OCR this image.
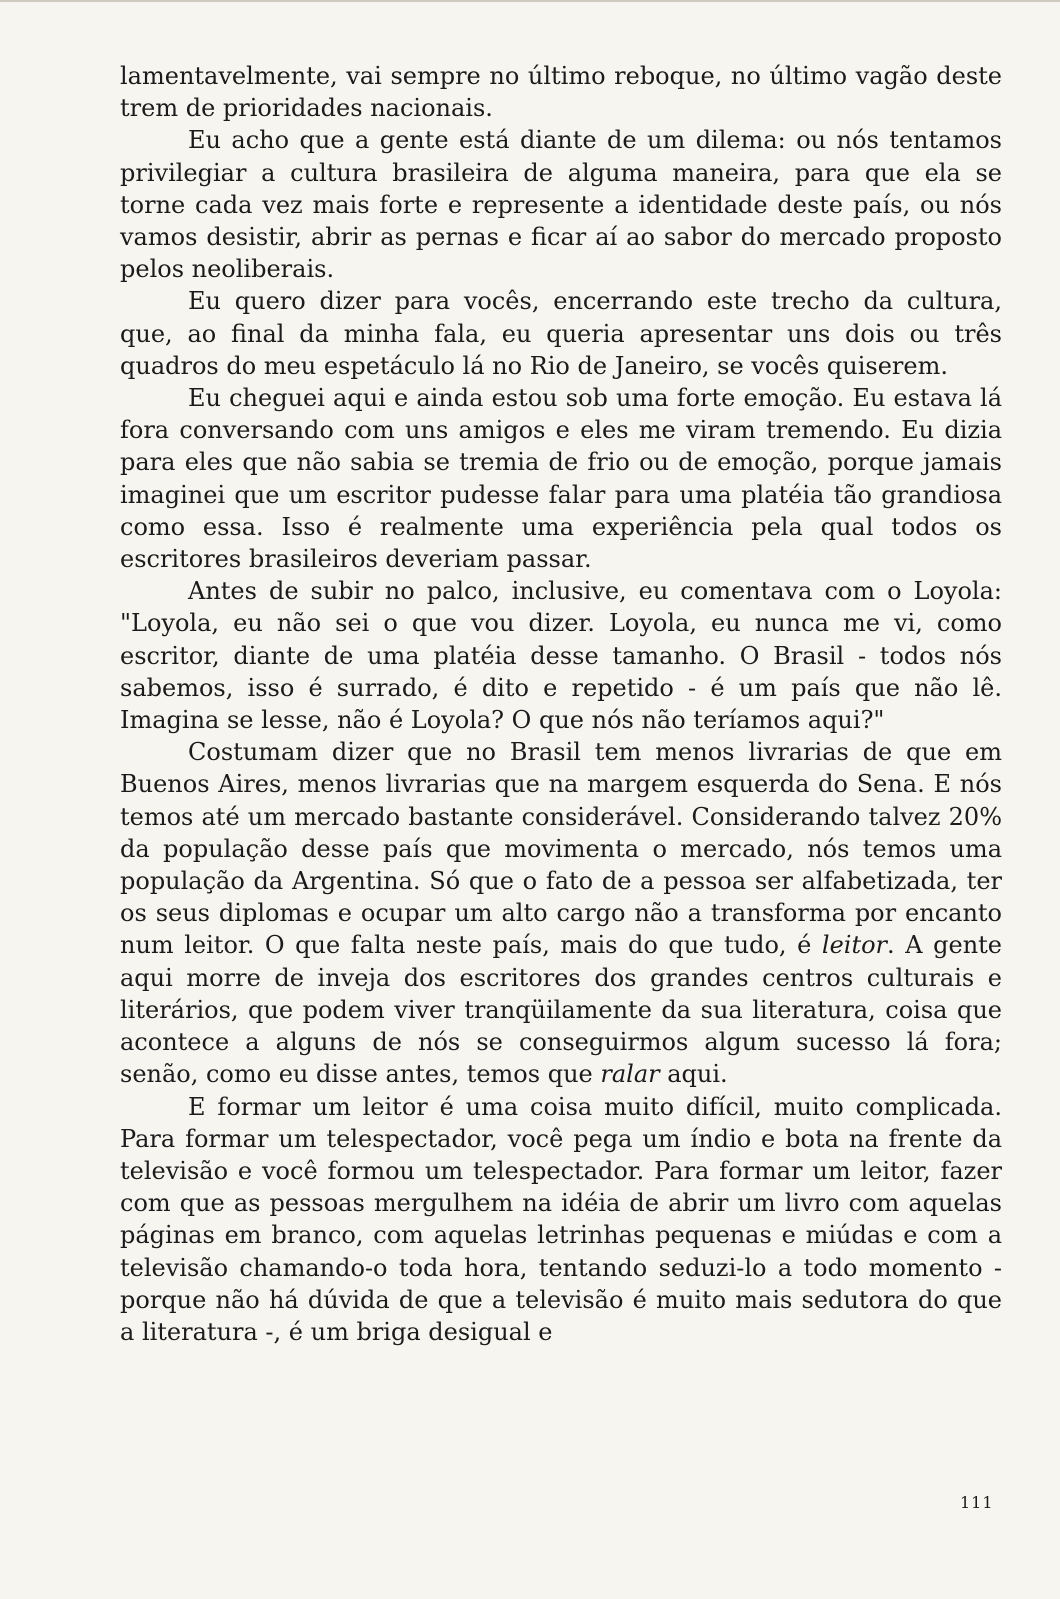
lamentavelmente, vai sempre no último reboque, no último vagão deste trem de prioridades nacionais.

Eu acho que a gente está diante de um dilema: ou nós tentamos privilegiar a cultura brasileira de alguma maneira, para que ela se torne cada vez mais forte e represente a identidade deste país, ou nós vamos desistir, abrir as pernas e ficar aí ao sabor do mercado proposto pelos neoliberais.

Eu quero dizer para vocês, encerrando este trecho da cultura, que, ao final da minha fala, eu queria apresentar uns dois ou três quadros do meu espetáculo lá no Rio de Janeiro, se vocês quiserem.

Eu cheguei aqui e ainda estou sob uma forte emoção. Eu estava lá fora conversando com uns amigos e eles me viram tremendo. Eu dizia para eles que não sabia se tremia de frio ou de emoção, porque jamais imaginei que um escritor pudesse falar para uma platéia tão grandiosa como essa. Isso é realmente uma experiência pela qual todos os escritores brasileiros deveriam passar.

Antes de subir no palco, inclusive, eu comentava com o Loyola: "Loyola, eu não sei o que vou dizer. Loyola, eu nunca me vi, como escritor, diante de uma platéia desse tamanho. O Brasil - todos nós sabemos, isso é surrado, é dito e repetido - é um país que não lê. Imagina se lesse, não é Loyola? O que nós não teríamos aqui?"

Costumam dizer que no Brasil tem menos livrarias de que em Buenos Aires, menos livrarias que na margem esquerda do Sena. E nós temos até um mercado bastante considerável. Considerando talvez 20% da população desse país que movimenta o mercado, nós temos uma população da Argentina. Só que o fato de a pessoa ser alfabetizada, ter os seus diplomas e ocupar um alto cargo não a transforma por encanto num leitor. O que falta neste país, mais do que tudo, é leitor. A gente aqui morre de inveja dos escritores dos grandes centros culturais e literários, que podem viver tranqüilamente da sua literatura, coisa que acontece a alguns de nós se conseguirmos algum sucesso lá fora; senão, como eu disse antes, temos que ralar aqui.

E formar um leitor é uma coisa muito difícil, muito complicada. Para formar um telespectador, você pega um índio e bota na frente da televisão e você formou um telespectador. Para formar um leitor, fazer com que as pessoas mergulhem na idéia de abrir um livro com aquelas páginas em branco, com aquelas letrinhas pequenas e miúdas e com a televisão chamando-o toda hora, tentando seduzi-lo a todo momento - porque não há dúvida de que a televisão é muito mais sedutora do que a literatura -, é um briga desigual e

111
